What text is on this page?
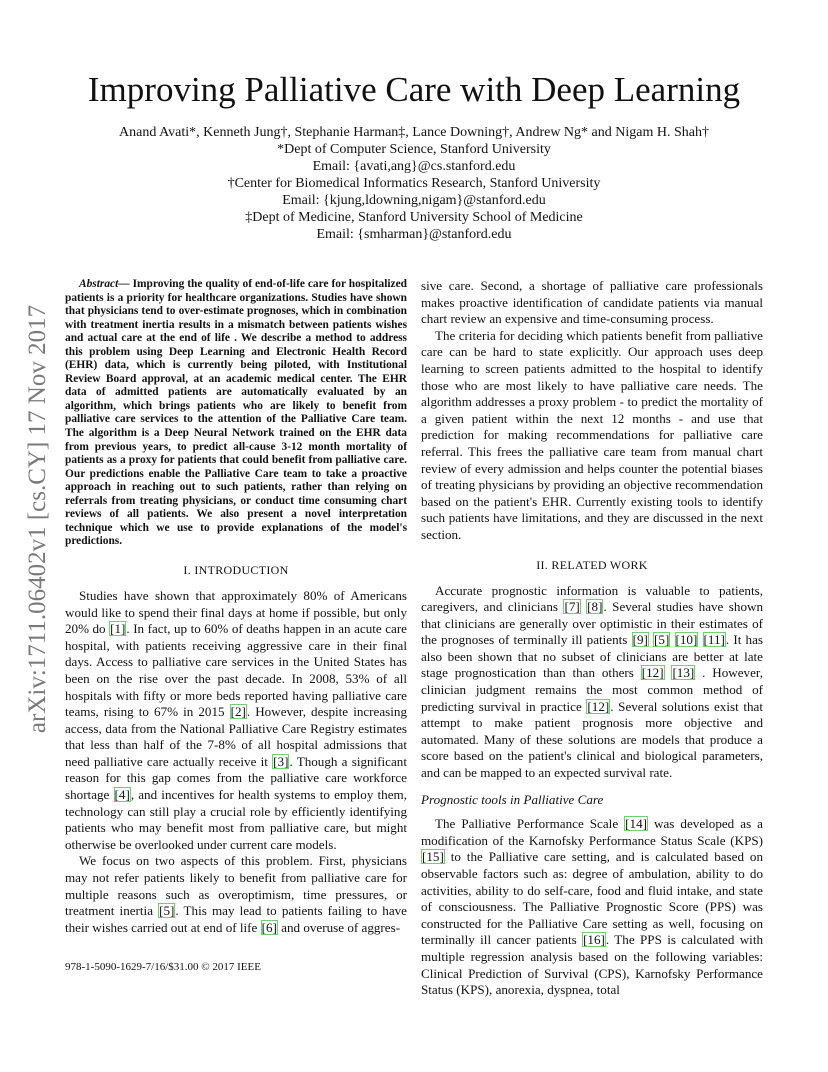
Improving Palliative Care with Deep Learning
Anand Avati*, Kenneth Jung†, Stephanie Harman‡, Lance Downing†, Andrew Ng* and Nigam H. Shah†
*Dept of Computer Science, Stanford University
Email: {avati,ang}@cs.stanford.edu
†Center for Biomedical Informatics Research, Stanford University
Email: {kjung,ldowning,nigam}@stanford.edu
‡Dept of Medicine, Stanford University School of Medicine
Email: {smharman}@stanford.edu
arXiv:1711.06402v1 [cs.CY] 17 Nov 2017

Abstract— Improving the quality of end-of-life care for hospitalized patients is a priority for healthcare organizations. Studies have shown that physicians tend to over-estimate prognoses, which in combination with treatment inertia results in a mismatch between patients wishes and actual care at the end of life . We describe a method to address this problem using Deep Learning and Electronic Health Record (EHR) data, which is currently being piloted, with Institutional Review Board approval, at an academic medical center. The EHR data of admitted patients are automatically evaluated by an algorithm, which brings patients who are likely to benefit from palliative care services to the attention of the Palliative Care team. The algorithm is a Deep Neural Network trained on the EHR data from previous years, to predict all-cause 3-12 month mortality of patients as a proxy for patients that could benefit from palliative care. Our predictions enable the Palliative Care team to take a proactive approach in reaching out to such patients, rather than relying on referrals from treating physicians, or conduct time consuming chart reviews of all patients. We also present a novel interpretation technique which we use to provide explanations of the model's predictions.

I. INTRODUCTION

Studies have shown that approximately 80% of Americans would like to spend their final days at home if possible, but only 20% do [1]. In fact, up to 60% of deaths happen in an acute care hospital, with patients receiving aggressive care in their final days. Access to palliative care services in the United States has been on the rise over the past decade. In 2008, 53% of all hospitals with fifty or more beds reported having palliative care teams, rising to 67% in 2015 [2]. However, despite increasing access, data from the National Palliative Care Registry estimates that less than half of the 7-8% of all hospital admissions that need palliative care actually receive it [3]. Though a significant reason for this gap comes from the palliative care workforce shortage [4], and incentives for health systems to employ them, technology can still play a crucial role by efficiently identifying patients who may benefit most from palliative care, but might otherwise be overlooked under current care models.

We focus on two aspects of this problem. First, physicians may not refer patients likely to benefit from palliative care for multiple reasons such as overoptimism, time pressures, or treatment inertia [5]. This may lead to patients failing to have their wishes carried out at end of life [6] and overuse of aggres-

sive care. Second, a shortage of palliative care professionals makes proactive identification of candidate patients via manual chart review an expensive and time-consuming process.

The criteria for deciding which patients benefit from palliative care can be hard to state explicitly. Our approach uses deep learning to screen patients admitted to the hospital to identify those who are most likely to have palliative care needs. The algorithm addresses a proxy problem - to predict the mortality of a given patient within the next 12 months - and use that prediction for making recommendations for palliative care referral. This frees the palliative care team from manual chart review of every admission and helps counter the potential biases of treating physicians by providing an objective recommendation based on the patient's EHR. Currently existing tools to identify such patients have limitations, and they are discussed in the next section.

II. RELATED WORK

Accurate prognostic information is valuable to patients, caregivers, and clinicians [7] [8]. Several studies have shown that clinicians are generally over optimistic in their estimates of the prognoses of terminally ill patients [9] [5] [10] [11]. It has also been shown that no subset of clinicians are better at late stage prognostication than than others [12] [13] . However, clinician judgment remains the most common method of predicting survival in practice [12]. Several solutions exist that attempt to make patient prognosis more objective and automated. Many of these solutions are models that produce a score based on the patient's clinical and biological parameters, and can be mapped to an expected survival rate.

Prognostic tools in Palliative Care

The Palliative Performance Scale [14] was developed as a modification of the Karnofsky Performance Status Scale (KPS) [15] to the Palliative care setting, and is calculated based on observable factors such as: degree of ambulation, ability to do activities, ability to do self-care, food and fluid intake, and state of consciousness. The Palliative Prognostic Score (PPS) was constructed for the Palliative Care setting as well, focusing on terminally ill cancer patients [16]. The PPS is calculated with multiple regression analysis based on the following variables: Clinical Prediction of Survival (CPS), Karnofsky Performance Status (KPS), anorexia, dyspnea, total

978-1-5090-1629-7/16/$31.00 © 2017 IEEE
